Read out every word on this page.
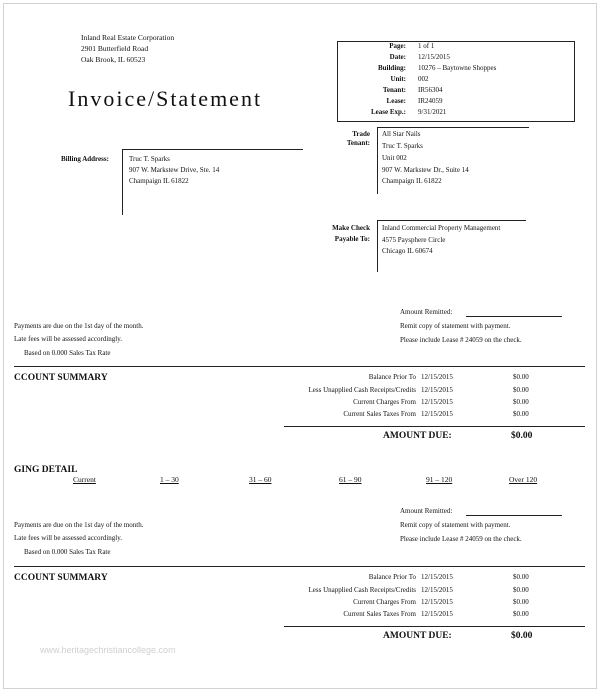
Inland Real Estate Corporation
2901 Butterfield Road
Oak Brook, IL 60523
Invoice/Statement
Page: 1 of 1
Date: 12/15/2015
Building: 10276 – Baytowne Shoppes
Unit: 002
Tenant: IR56304
Lease: IR24059
Lease Exp.: 9/31/2021
Trade
Tenant:
All Star Nails
Truc T. Sparks
Unit 002
907 W. Markstew Dr., Suite 14
Champaign IL 61822
Billing Address:	Truc T. Sparks
907 W. Markstew Drive, Ste. 14
Champaign IL 61822
Make Check
Payable To:
Inland Commercial Property Management
4575 Paysphere Circle
Chicago IL 60674
Amount Remitted:
Remit copy of statement with payment.
Please include Lease # 24059 on the check.
Payments are due on the 1st day of the month.
Late fees will be assessed accordingly.
Based on 0.000 Sales Tax Rate
CCOUNT SUMMARY	Balance Prior To 12/15/2015	$0.00
Less Unapplied Cash Receipts/Credits 12/15/2015	$0.00
Current Charges From 12/15/2015	$0.00
Current Sales Taxes From 12/15/2015	$0.00
AMOUNT DUE:	$0.00
GING DETAIL
Current	1 – 30	31 – 60	61 – 90	91 – 120	Over 120
Amount Remitted:
Remit copy of statement with payment.
Please include Lease # 24059 on the check.
Payments are due on the 1st day of the month.
Late fees will be assessed accordingly.
Based on 0.000 Sales Tax Rate
CCOUNT SUMMARY	Balance Prior To 12/15/2015	$0.00
Less Unapplied Cash Receipts/Credits 12/15/2015	$0.00
Current Charges From 12/15/2015	$0.00
Current Sales Taxes From 12/15/2015	$0.00
AMOUNT DUE:	$0.00
www.heritagechristiancollege.com
